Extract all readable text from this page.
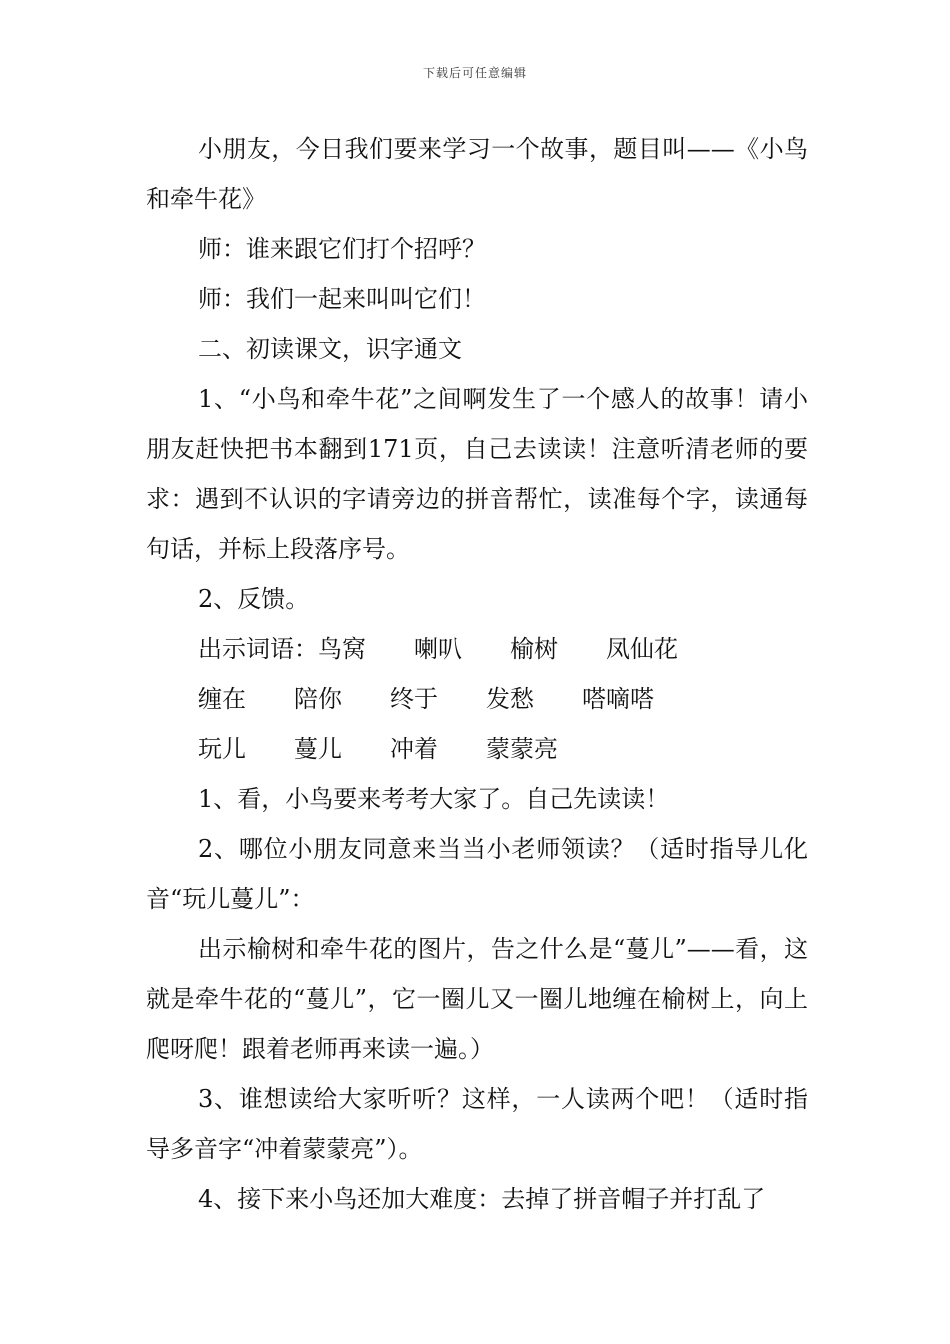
下载后可任意编辑

小朋友，今日我们要来学习一个故事，题目叫——《小鸟和牵牛花》

师：谁来跟它们打个招呼？

师：我们一起来叫叫它们！

二、初读课文，识字通文

1、“小鸟和牵牛花”之间啊发生了一个感人的故事！请小朋友赶快把书本翻到171页，自己去读读！注意听清老师的要求：遇到不认识的字请旁边的拼音帮忙，读准每个字，读通每句话，并标上段落序号。

2、反馈。

出示词语：鸟窝 喇叭 榆树 凤仙花
缠在 陪你 终于 发愁 嗒嘀嗒
玩儿 蔓儿 冲着 蒙蒙亮

1、看，小鸟要来考考大家了。自己先读读！

2、哪位小朋友同意来当当小老师领读？（适时指导儿化音“玩儿蔓儿”：

出示榆树和牵牛花的图片，告之什么是“蔓儿”——看，这就是牵牛花的“蔓儿”，它一圈儿又一圈儿地缠在榆树上，向上爬呀爬！跟着老师再来读一遍。）

3、谁想读给大家听听？这样，一人读两个吧！（适时指导多音字“冲着蒙蒙亮”）。

4、接下来小鸟还加大难度：去掉了拼音帽子并打乱了
